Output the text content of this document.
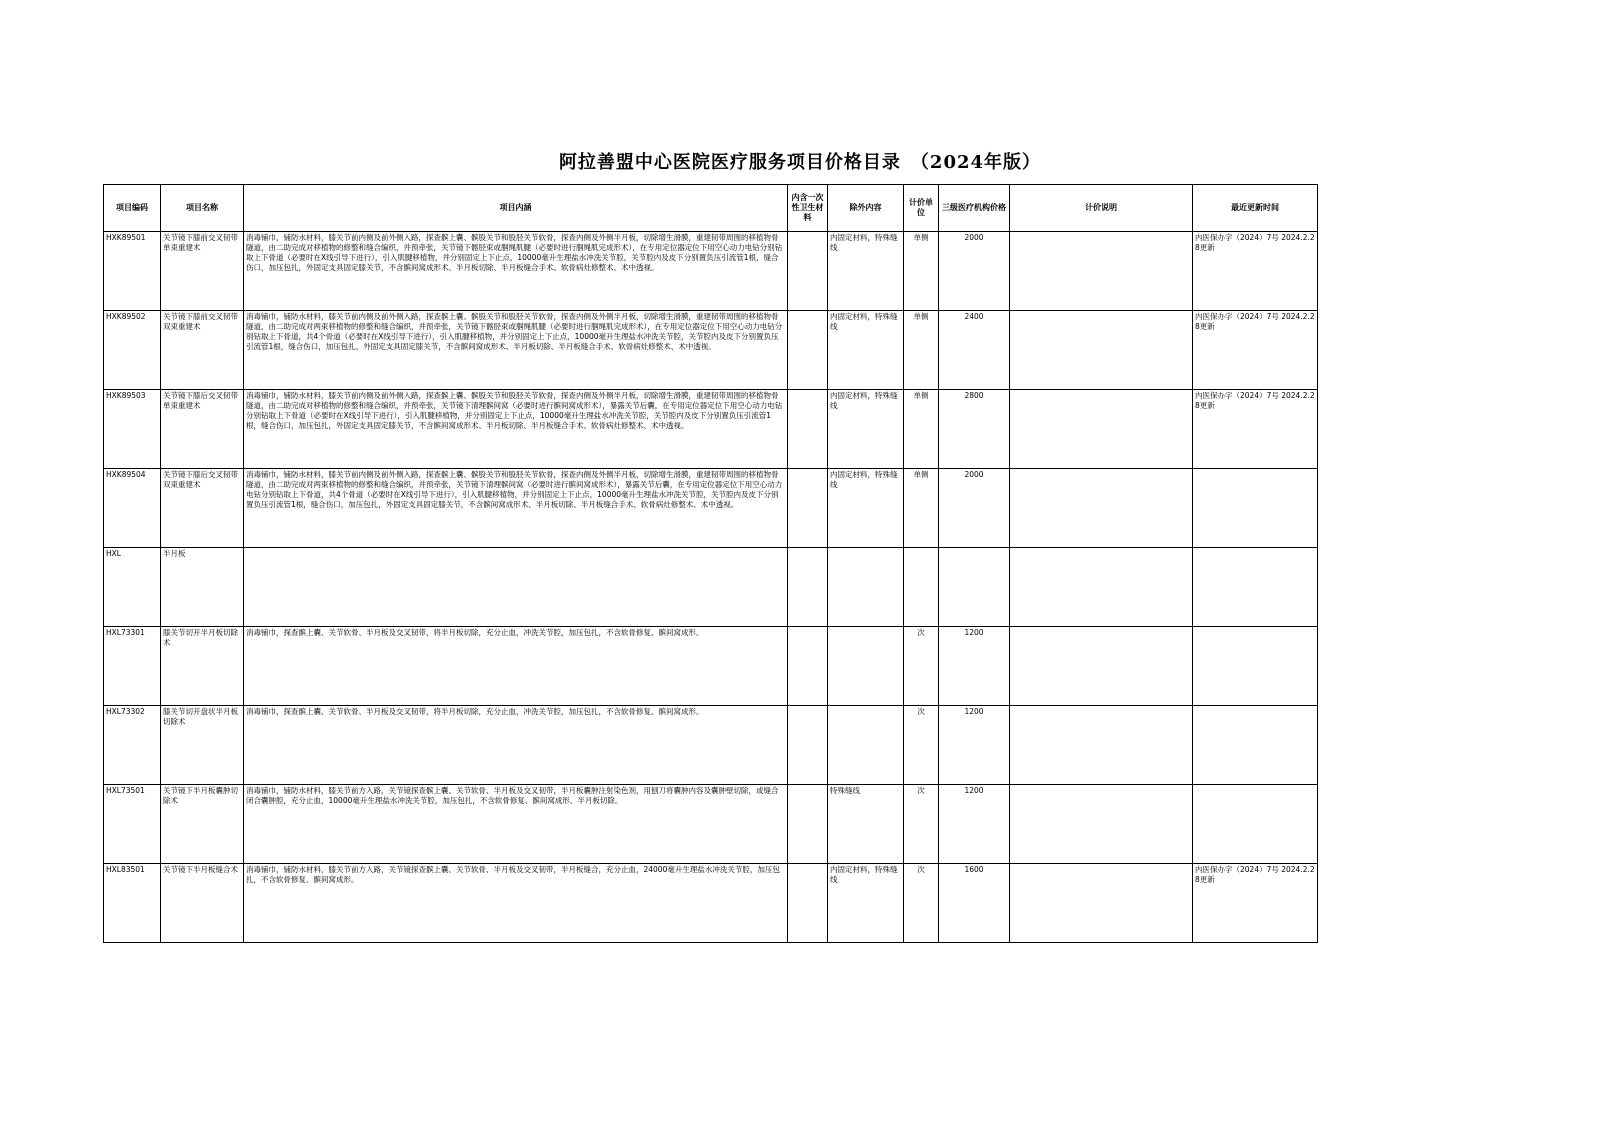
阿拉善盟中心医院医疗服务项目价格目录　（2024年版）
项目编码	项目名称	项目内涵	内含一次性卫生材料	除外内容	计价单位	三级医疗机构价格	计价说明	最近更新时间
HXK89501	关节镜下膝前交叉韧带单束重建术	消毒铺巾，铺防水材料，膝关节前内侧及前外侧入路，探查髌上囊、髌股关节和股胫关节软骨，探查内侧及外侧半月板，切除增生滑膜，重建韧带周围的移植物骨隧道，由二助完成对移植物的修整和缝合编织，并预牵张，关节镜下髂胫束或腘绳肌腱（必要时进行腘绳肌完成形术），在专用定位器定位下用空心动力电钻分别钻取上下骨道（必要时在X线引导下进行），引入肌腱移植物，并分别固定上下止点，10000毫升生理盐水冲洗关节腔，关节腔内及皮下分别置负压引流管1根，缝合伤口，加压包扎，外固定支具固定膝关节，不含髌间窝成形术、半月板切除、半月板缝合手术、软骨病灶修整术、术中透视。		内固定材料，特殊缝线	单侧	2000		内医保办字（2024）7号 2024.2.28更新
HXK89502	关节镜下膝前交叉韧带双束重建术	消毒铺巾，铺防水材料，膝关节前内侧及前外侧入路，探查髌上囊、髌股关节和股胫关节软骨，探查内侧及外侧半月板，切除增生滑膜，重建韧带周围的移植物骨隧道，由二助完成对两束移植物的修整和缝合编织，并预牵张，关节镜下髂胫束或腘绳肌腱（必要时进行腘绳肌完成形术），在专用定位器定位下用空心动力电钻分别钻取上下骨道，共4个骨道（必要时在X线引导下进行），引入肌腱移植物，并分别固定上下止点，10000毫升生理盐水冲洗关节腔，关节腔内及皮下分别置负压引流管1根，缝合伤口，加压包扎，外固定支具固定膝关节，不含髌间窝成形术、半月板切除、半月板缝合手术、软骨病灶修整术、术中透视。		内固定材料，特殊缝线	单侧	2400		内医保办字（2024）7号 2024.2.28更新
HXK89503	关节镜下膝后交叉韧带单束重建术	消毒铺巾，铺防水材料，膝关节前内侧及前外侧入路，探查髌上囊、髌股关节和股胫关节软骨，探查内侧及外侧半月板，切除增生滑膜，重建韧带周围的移植物骨隧道，由二助完成对移植物的修整和缝合编织，并预牵张，关节镜下清理髌间窝（必要时进行髌间窝成形术），暴露关节后囊，在专用定位器定位下用空心动力电钻分别钻取上下骨道（必要时在X线引导下进行），引入肌腱移植物，并分别固定上下止点，10000毫升生理盐水冲洗关节腔，关节腔内及皮下分别置负压引流管1根，缝合伤口，加压包扎，外固定支具固定膝关节，不含髌间窝成形术、半月板切除、半月板缝合手术、软骨病灶修整术、术中透视。		内固定材料，特殊缝线	单侧	2800		内医保办字（2024）7号 2024.2.28更新
HXK89504	关节镜下膝后交叉韧带双束重建术	消毒铺巾，铺防水材料，膝关节前内侧及前外侧入路，探查髌上囊、髌股关节和股胫关节软骨，探查内侧及外侧半月板，切除增生滑膜，重建韧带周围的移植物骨隧道，由二助完成对两束移植物的修整和缝合编织，并预牵张，关节镜下清理髌间窝（必要时进行髌间窝成形术），暴露关节后囊，在专用定位器定位下用空心动力电钻分别钻取上下骨道，共4个骨道（必要时在X线引导下进行），引入肌腱移植物，并分别固定上下止点，10000毫升生理盐水冲洗关节腔，关节腔内及皮下分别置负压引流管1根，缝合伤口，加压包扎，外固定支具固定膝关节，不含髌间窝成形术、半月板切除、半月板缝合手术、软骨病灶修整术、术中透视。		内固定材料，特殊缝线	单侧	2000		
HXL	半月板							
HXL73301	膝关节切开半月板切除术	消毒铺巾，探查髌上囊、关节软骨、半月板及交叉韧带，将半月板切除，充分止血，冲洗关节腔，加压包扎，不含软骨修复、髌间窝成形。			次	1200		
HXL73302	膝关节切开盘状半月板切除术	消毒铺巾，探查髌上囊、关节软骨、半月板及交叉韧带，将半月板切除，充分止血，冲洗关节腔，加压包扎，不含软骨修复、髌间窝成形。			次	1200		
HXL73501	关节镜下半月板囊肿切除术	消毒铺巾，铺防水材料，膝关节前方入路，关节镜探查髌上囊、关节软骨、半月板及交叉韧带，半月板囊肿注射染色剂，用刨刀将囊肿内容及囊肿壁切除，或缝合闭合囊肿腔，充分止血，10000毫升生理盐水冲洗关节腔，加压包扎，不含软骨修复、髌间窝成形、半月板切除。		特殊缝线	次	1200		
HXL83501	关节镜下半月板缝合术	消毒铺巾，铺防水材料，膝关节前方入路，关节镜探查髌上囊、关节软骨、半月板及交叉韧带，半月板缝合，充分止血，24000毫升生理盐水冲洗关节腔，加压包扎，不含软骨修复、髌间窝成形。		内固定材料，特殊缝线	次	1600		内医保办字（2024）7号 2024.2.28更新
